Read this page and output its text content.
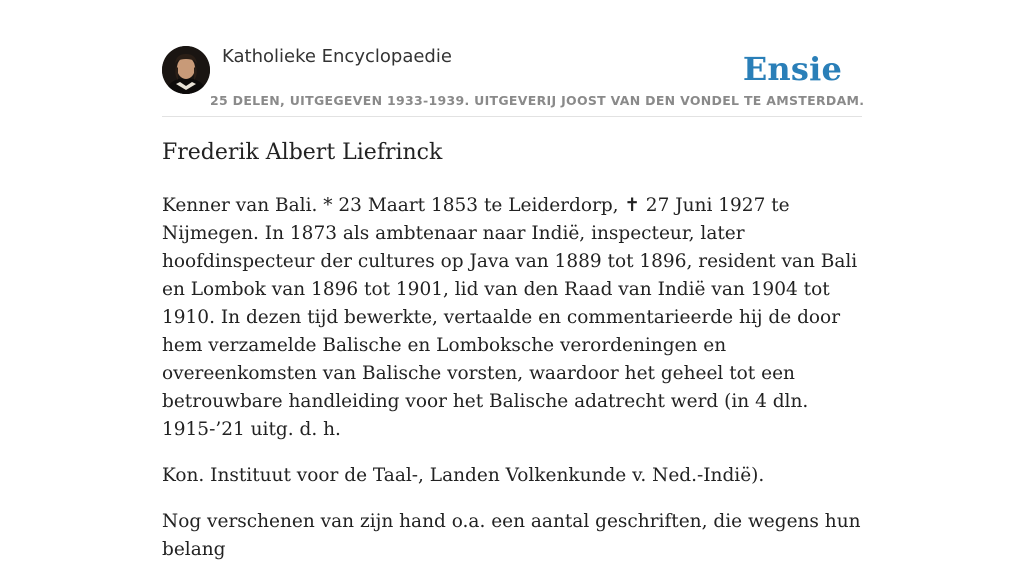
Katholieke Encyclopaedie	Ensie
25 DELEN, UITGEGEVEN 1933-1939. UITGEVERIJ JOOST VAN DEN VONDEL TE AMSTERDAM.
Frederik Albert Liefrinck

Kenner van Bali. * 23 Maart 1853 te Leiderdorp, ✝ 27 Juni 1927 te Nijmegen. In 1873 als ambtenaar naar Indië, inspecteur, later hoofdinspecteur der cultures op Java van 1889 tot 1896, resident van Bali en Lombok van 1896 tot 1901, lid van den Raad van Indië van 1904 tot 1910. In dezen tijd bewerkte, vertaalde en commentarieerde hij de door hem verzamelde Balische en Lomboksche verordeningen en overeenkomsten van Balische vorsten, waardoor het geheel tot een betrouwbare handleiding voor het Balische adatrecht werd (in 4 dln. 1915-’21 uitg. d. h.

Kon. Instituut voor de Taal-, Landen Volkenkunde v. Ned.-Indië).

Nog verschenen van zijn hand o.a. een aantal geschriften, die wegens hun belang
